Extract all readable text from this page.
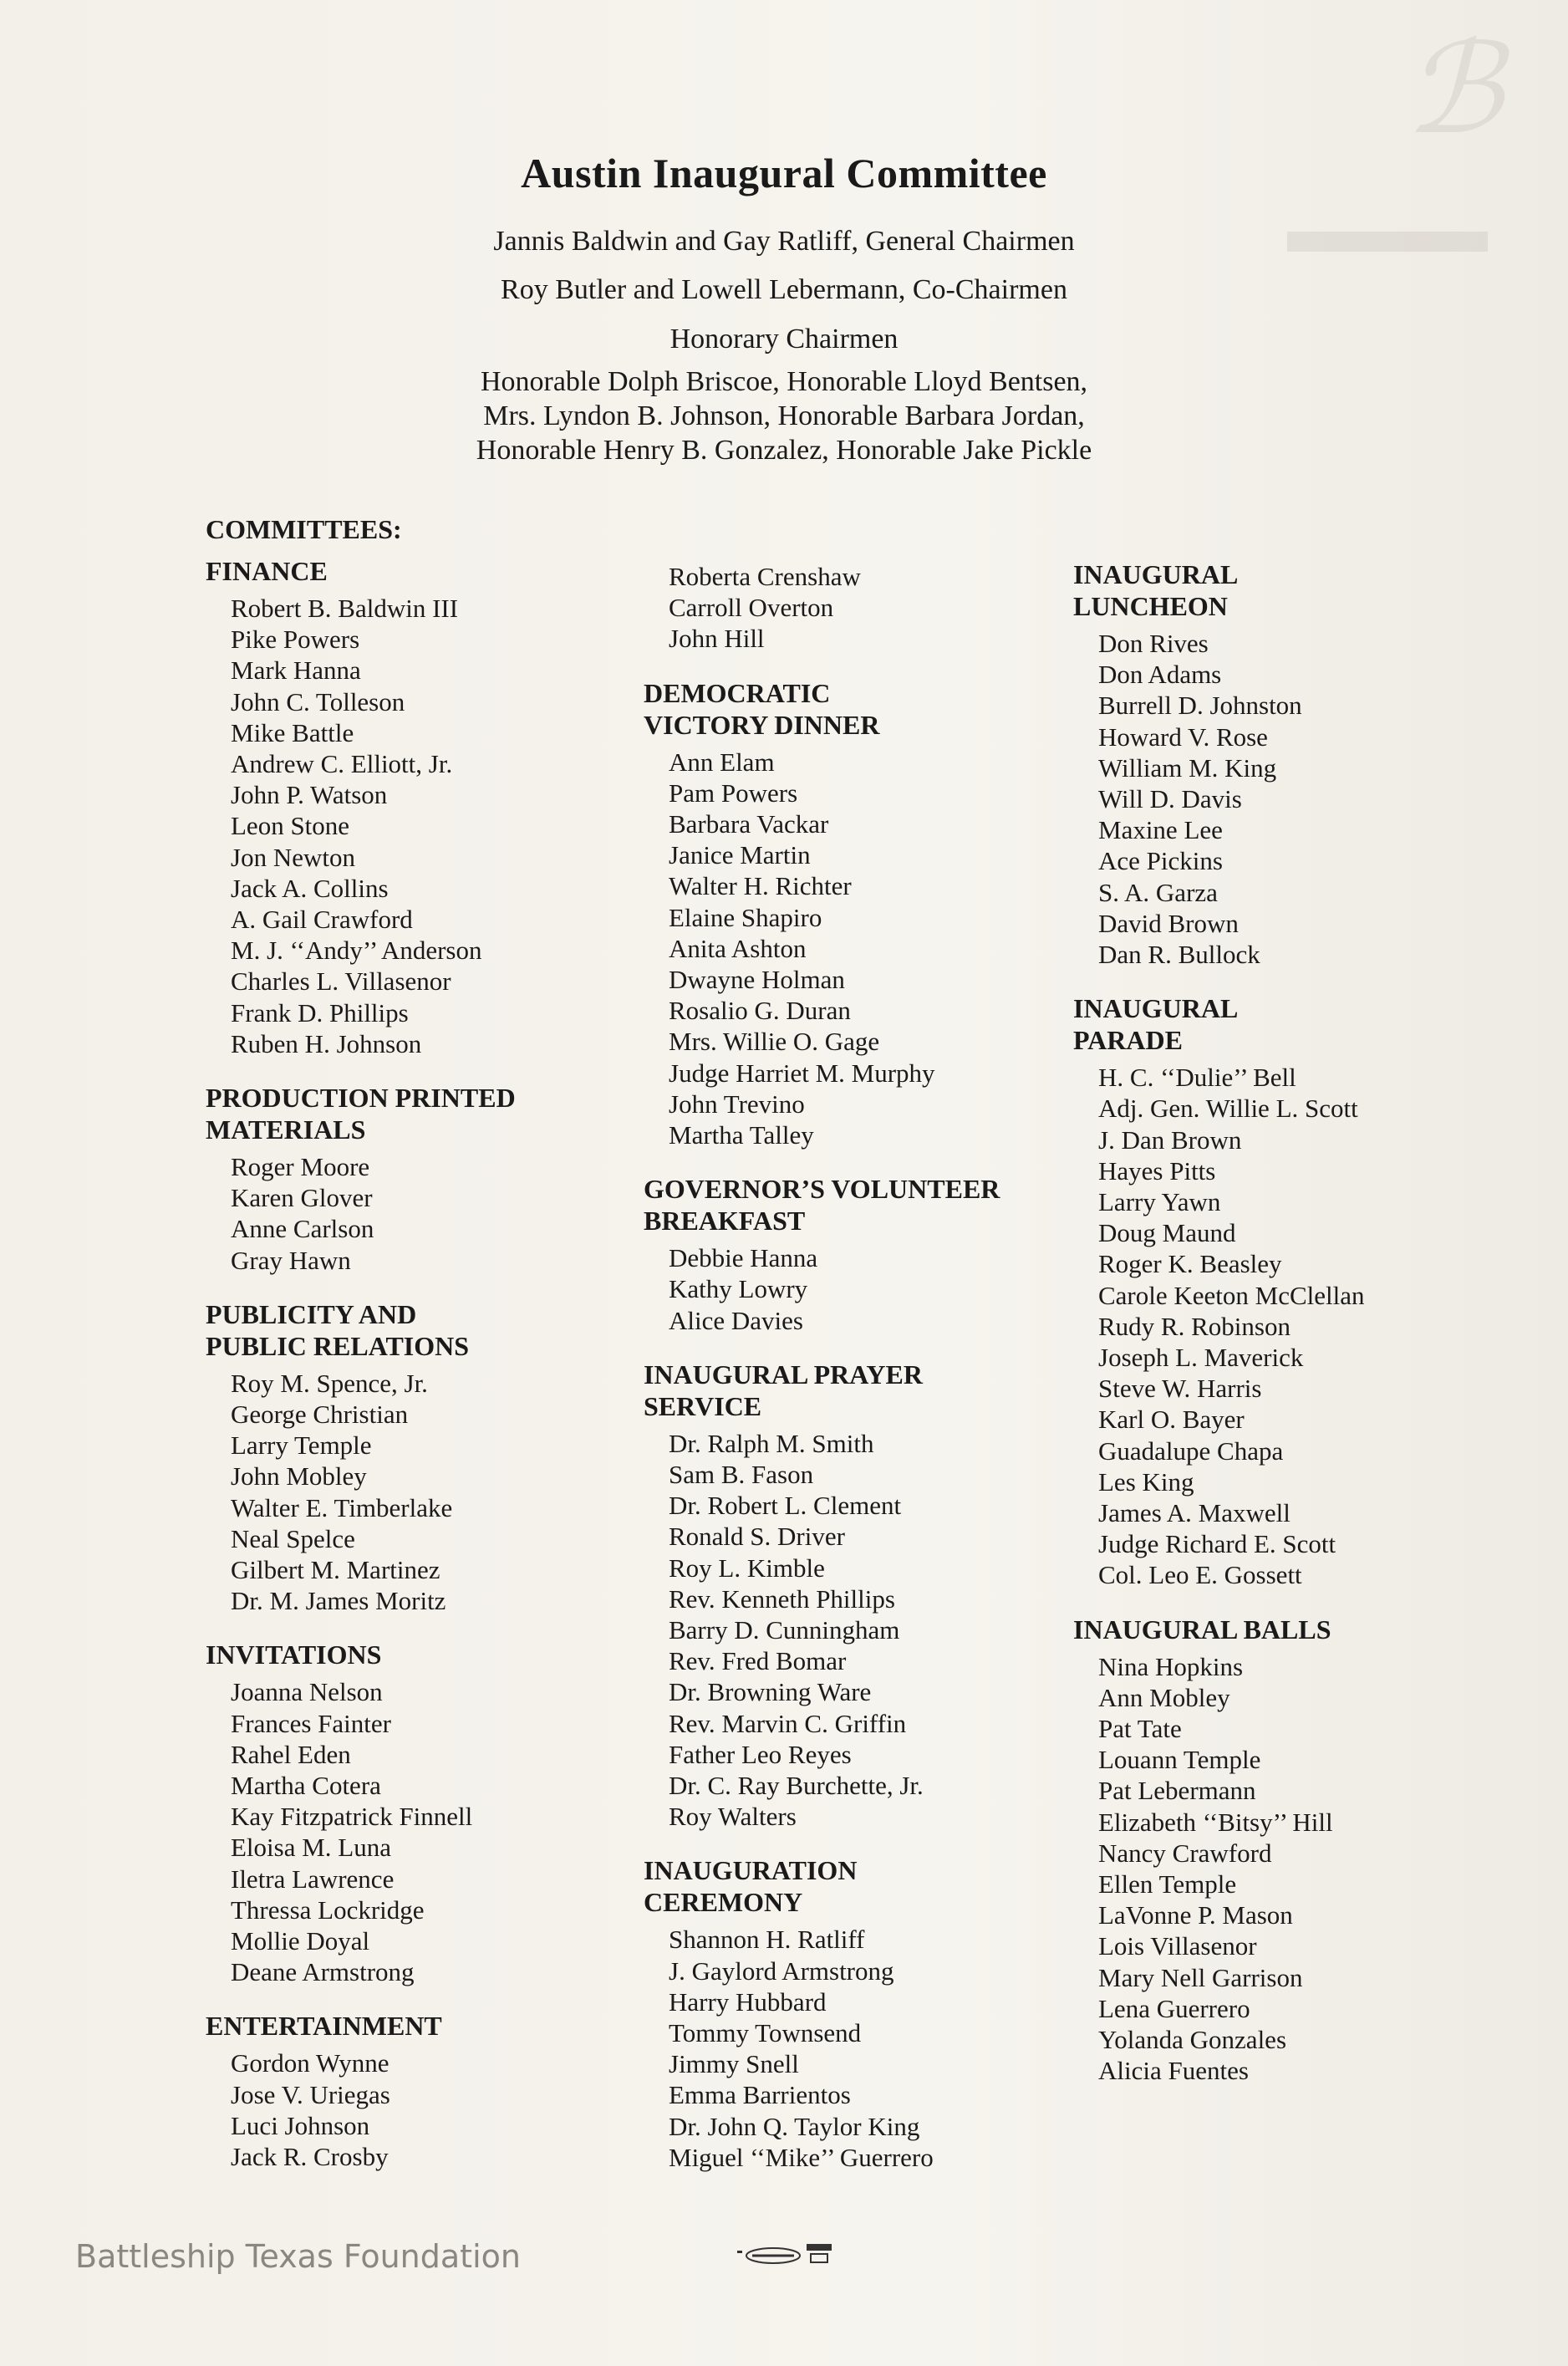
ℬ
▬▬▬
Austin Inaugural Committee
Jannis Baldwin and Gay Ratliff, General Chairmen
Roy Butler and Lowell Lebermann, Co-Chairmen
Honorary Chairmen
Honorable Dolph Briscoe, Honorable Lloyd Bentsen,
Mrs. Lyndon B. Johnson, Honorable Barbara Jordan,
Honorable Henry B. Gonzalez, Honorable Jake Pickle
COMMITTEES:
FINANCE
Robert B. Baldwin III
Pike Powers
Mark Hanna
John C. Tolleson
Mike Battle
Andrew C. Elliott, Jr.
John P. Watson
Leon Stone
Jon Newton
Jack A. Collins
A. Gail Crawford
M. J. ‘‘Andy’’ Anderson
Charles L. Villasenor
Frank D. Phillips
Ruben H. Johnson
PRODUCTION PRINTED
MATERIALS
Roger Moore
Karen Glover
Anne Carlson
Gray Hawn
PUBLICITY AND
PUBLIC RELATIONS
Roy M. Spence, Jr.
George Christian
Larry Temple
John Mobley
Walter E. Timberlake
Neal Spelce
Gilbert M. Martinez
Dr. M. James Moritz
INVITATIONS
Joanna Nelson
Frances Fainter
Rahel Eden
Martha Cotera
Kay Fitzpatrick Finnell
Eloisa M. Luna
Iletra Lawrence
Thressa Lockridge
Mollie Doyal
Deane Armstrong
ENTERTAINMENT
Gordon Wynne
Jose V. Uriegas
Luci Johnson
Jack R. Crosby
Roberta Crenshaw
Carroll Overton
John Hill
DEMOCRATIC
VICTORY DINNER
Ann Elam
Pam Powers
Barbara Vackar
Janice Martin
Walter H. Richter
Elaine Shapiro
Anita Ashton
Dwayne Holman
Rosalio G. Duran
Mrs. Willie O. Gage
Judge Harriet M. Murphy
John Trevino
Martha Talley
GOVERNOR’S VOLUNTEER
BREAKFAST
Debbie Hanna
Kathy Lowry
Alice Davies
INAUGURAL PRAYER
SERVICE
Dr. Ralph M. Smith
Sam B. Fason
Dr. Robert L. Clement
Ronald S. Driver
Roy L. Kimble
Rev. Kenneth Phillips
Barry D. Cunningham
Rev. Fred Bomar
Dr. Browning Ware
Rev. Marvin C. Griffin
Father Leo Reyes
Dr. C. Ray Burchette, Jr.
Roy Walters
INAUGURATION
CEREMONY
Shannon H. Ratliff
J. Gaylord Armstrong
Harry Hubbard
Tommy Townsend
Jimmy Snell
Emma Barrientos
Dr. John Q. Taylor King
Miguel ‘‘Mike’’ Guerrero
INAUGURAL
LUNCHEON
Don Rives
Don Adams
Burrell D. Johnston
Howard V. Rose
William M. King
Will D. Davis
Maxine Lee
Ace Pickins
S. A. Garza
David Brown
Dan R. Bullock
INAUGURAL
PARADE
H. C. ‘‘Dulie’’ Bell
Adj. Gen. Willie L. Scott
J. Dan Brown
Hayes Pitts
Larry Yawn
Doug Maund
Roger K. Beasley
Carole Keeton McClellan
Rudy R. Robinson
Joseph L. Maverick
Steve W. Harris
Karl O. Bayer
Guadalupe Chapa
Les King
James A. Maxwell
Judge Richard E. Scott
Col. Leo E. Gossett
INAUGURAL BALLS
Nina Hopkins
Ann Mobley
Pat Tate
Louann Temple
Pat Lebermann
Elizabeth ‘‘Bitsy’’ Hill
Nancy Crawford
Ellen Temple
LaVonne P. Mason
Lois Villasenor
Mary Nell Garrison
Lena Guerrero
Yolanda Gonzales
Alicia Fuentes
Battleship Texas Foundation
